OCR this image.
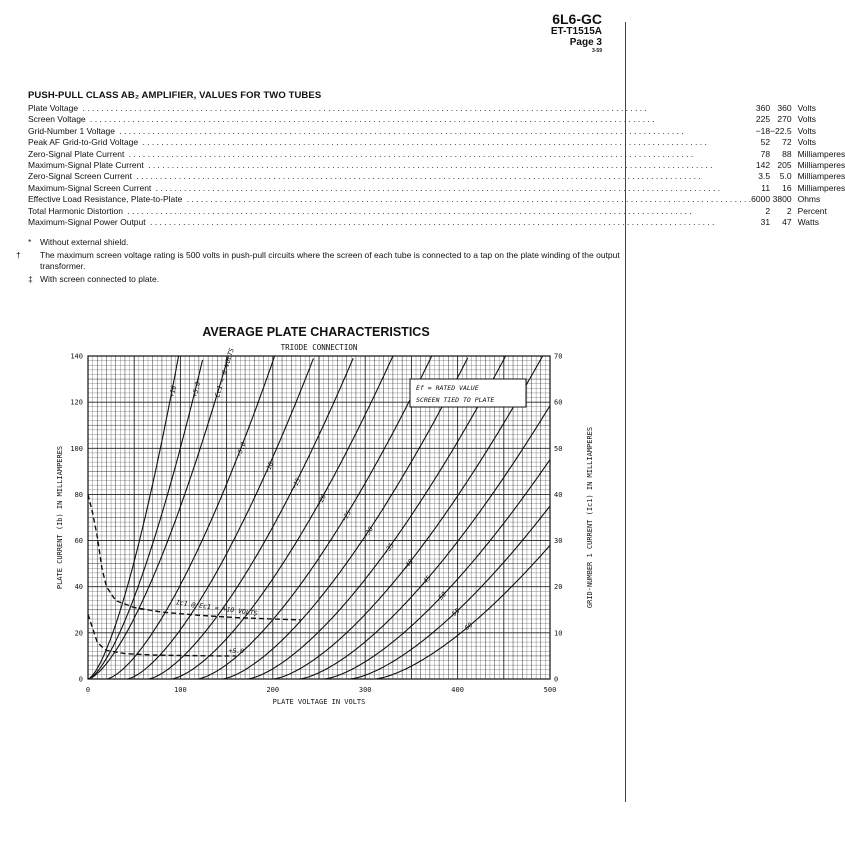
6L6-GC
ET-T1515A
Page 3
3-59
PUSH-PULL CLASS AB₂ AMPLIFIER, VALUES FOR TWO TUBES
Plate Voltage . . . . . . . . . . . . . . . . . . . . . . . . . . . . . . . . . . . . . . . . . . . . . . . . . . . . . . . . . . . . . . . . . . . . . . . . . . . . . . . . . . . . . . . . . . . . . . . . . . . . . . . . . . . . . . . . . . . . . . . .	360	360	Volts
Screen Voltage . . . . . . . . . . . . . . . . . . . . . . . . . . . . . . . . . . . . . . . . . . . . . . . . . . . . . . . . . . . . . . . . . . . . . . . . . . . . . . . . . . . . . . . . . . . . . . . . . . . . . . . . . . . . . . . . . . . . . . . .	225	270	Volts
Grid-Number 1 Voltage . . . . . . . . . . . . . . . . . . . . . . . . . . . . . . . . . . . . . . . . . . . . . . . . . . . . . . . . . . . . . . . . . . . . . . . . . . . . . . . . . . . . . . . . . . . . . . . . . . . . . . . . . . . . . . . . . . . . . . . .	−18	−22.5	Volts
Peak AF Grid-to-Grid Voltage . . . . . . . . . . . . . . . . . . . . . . . . . . . . . . . . . . . . . . . . . . . . . . . . . . . . . . . . . . . . . . . . . . . . . . . . . . . . . . . . . . . . . . . . . . . . . . . . . . . . . . . . . . . . . . . . . . . . . . . .	52	72	Volts
Zero-Signal Plate Current . . . . . . . . . . . . . . . . . . . . . . . . . . . . . . . . . . . . . . . . . . . . . . . . . . . . . . . . . . . . . . . . . . . . . . . . . . . . . . . . . . . . . . . . . . . . . . . . . . . . . . . . . . . . . . . . . . . . . . . .	78	88	Milliamperes
Maximum-Signal Plate Current . . . . . . . . . . . . . . . . . . . . . . . . . . . . . . . . . . . . . . . . . . . . . . . . . . . . . . . . . . . . . . . . . . . . . . . . . . . . . . . . . . . . . . . . . . . . . . . . . . . . . . . . . . . . . . . . . . . . . . . .	142	205	Milliamperes
Zero-Signal Screen Current . . . . . . . . . . . . . . . . . . . . . . . . . . . . . . . . . . . . . . . . . . . . . . . . . . . . . . . . . . . . . . . . . . . . . . . . . . . . . . . . . . . . . . . . . . . . . . . . . . . . . . . . . . . . . . . . . . . . . . . .	3.5	5.0	Milliamperes
Maximum-Signal Screen Current . . . . . . . . . . . . . . . . . . . . . . . . . . . . . . . . . . . . . . . . . . . . . . . . . . . . . . . . . . . . . . . . . . . . . . . . . . . . . . . . . . . . . . . . . . . . . . . . . . . . . . . . . . . . . . . . . . . . . . . .	11	16	Milliamperes
Effective Load Resistance, Plate-to-Plate . . . . . . . . . . . . . . . . . . . . . . . . . . . . . . . . . . . . . . . . . . . . . . . . . . . . . . . . . . . . . . . . . . . . . . . . . . . . . . . . . . . . . . . . . . . . . . . . . . . . . . . . . . . . . . . . . . . . . . . .	6000	3800	Ohms
Total Harmonic Distortion . . . . . . . . . . . . . . . . . . . . . . . . . . . . . . . . . . . . . . . . . . . . . . . . . . . . . . . . . . . . . . . . . . . . . . . . . . . . . . . . . . . . . . . . . . . . . . . . . . . . . . . . . . . . . . . . . . . . . . . .	2	2	Percent
Maximum-Signal Power Output . . . . . . . . . . . . . . . . . . . . . . . . . . . . . . . . . . . . . . . . . . . . . . . . . . . . . . . . . . . . . . . . . . . . . . . . . . . . . . . . . . . . . . . . . . . . . . . . . . . . . . . . . . . . . . . . . . . . . . . .	31	47	Watts
* Without external shield.
† The maximum screen voltage rating is 500 volts in push-pull circuits where the screen of each tube is connected to a tap on the plate winding of the output transformer.
‡ With screen connected to plate.
AVERAGE PLATE CHARACTERISTICS
0	100	200	300	400	500
0
20
40
60
80
100
120
140
0
10
20
30
40
50
60
70
TRIODE CONNECTION
PLATE VOLTAGE IN VOLTS
PLATE CURRENT (Ib) IN MILLIAMPERES	GRID-NUMBER 1 CURRENT (Ic1) IN MILLIAMPERES
+10 +5.0 Ec1 = 0 VOLTS
-5.0
-10
-15
-20
-25
-30
-35
-40
-45
-50
-55
-60
Ic1 @ Ec1 = +10 VOLTS
+5.0
Ef = RATED VALUE
SCREEN TIED TO PLATE
